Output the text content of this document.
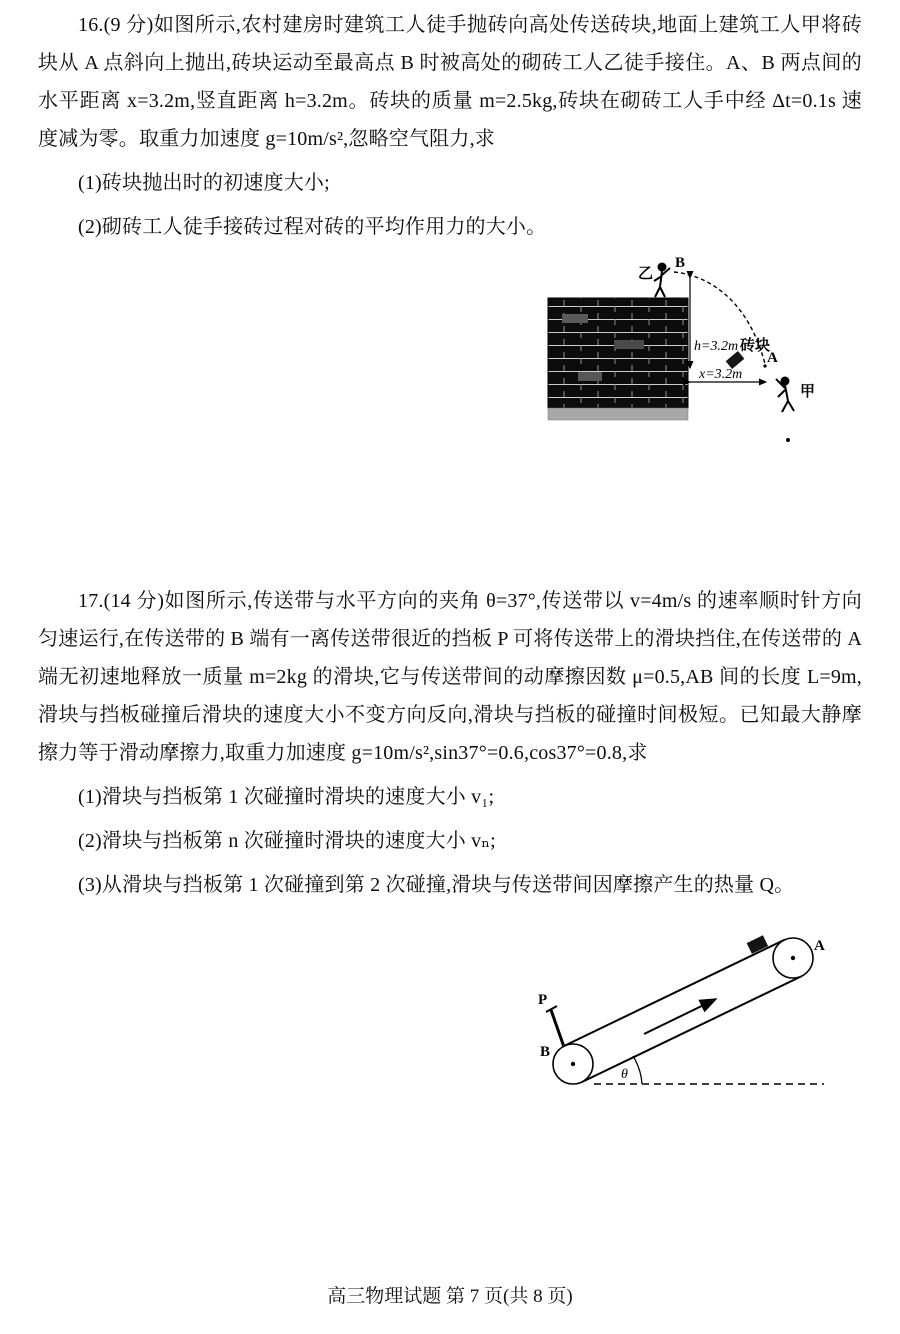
16.(9 分)如图所示,农村建房时建筑工人徒手抛砖向高处传送砖块,地面上建筑工人甲将砖块从 A 点斜向上抛出,砖块运动至最高点 B 时被高处的砌砖工人乙徒手接住。A、B 两点间的水平距离 x=3.2m,竖直距离 h=3.2m。砖块的质量 m=2.5kg,砖块在砌砖工人手中经 Δt=0.1s 速度减为零。取重力加速度 g=10m/s²,忽略空气阻力,求

(1)砖块抛出时的初速度大小;

(2)砌砖工人徒手接砖过程对砖的平均作用力的大小。

乙
B
h=3.2m 砖块
A
x=3.2m
甲

17.(14 分)如图所示,传送带与水平方向的夹角 θ=37°,传送带以 v=4m/s 的速率顺时针方向匀速运行,在传送带的 B 端有一离传送带很近的挡板 P 可将传送带上的滑块挡住,在传送带的 A 端无初速地释放一质量 m=2kg 的滑块,它与传送带间的动摩擦因数 μ=0.5,AB 间的长度 L=9m,滑块与挡板碰撞后滑块的速度大小不变方向反向,滑块与挡板的碰撞时间极短。已知最大静摩擦力等于滑动摩擦力,取重力加速度 g=10m/s²,sin37°=0.6,cos37°=0.8,求

(1)滑块与挡板第 1 次碰撞时滑块的速度大小 v₁;

(2)滑块与挡板第 n 次碰撞时滑块的速度大小 vₙ;

(3)从滑块与挡板第 1 次碰撞到第 2 次碰撞,滑块与传送带间因摩擦产生的热量 Q。

A
P
B
θ
高三物理试题 第 7 页(共 8 页)
